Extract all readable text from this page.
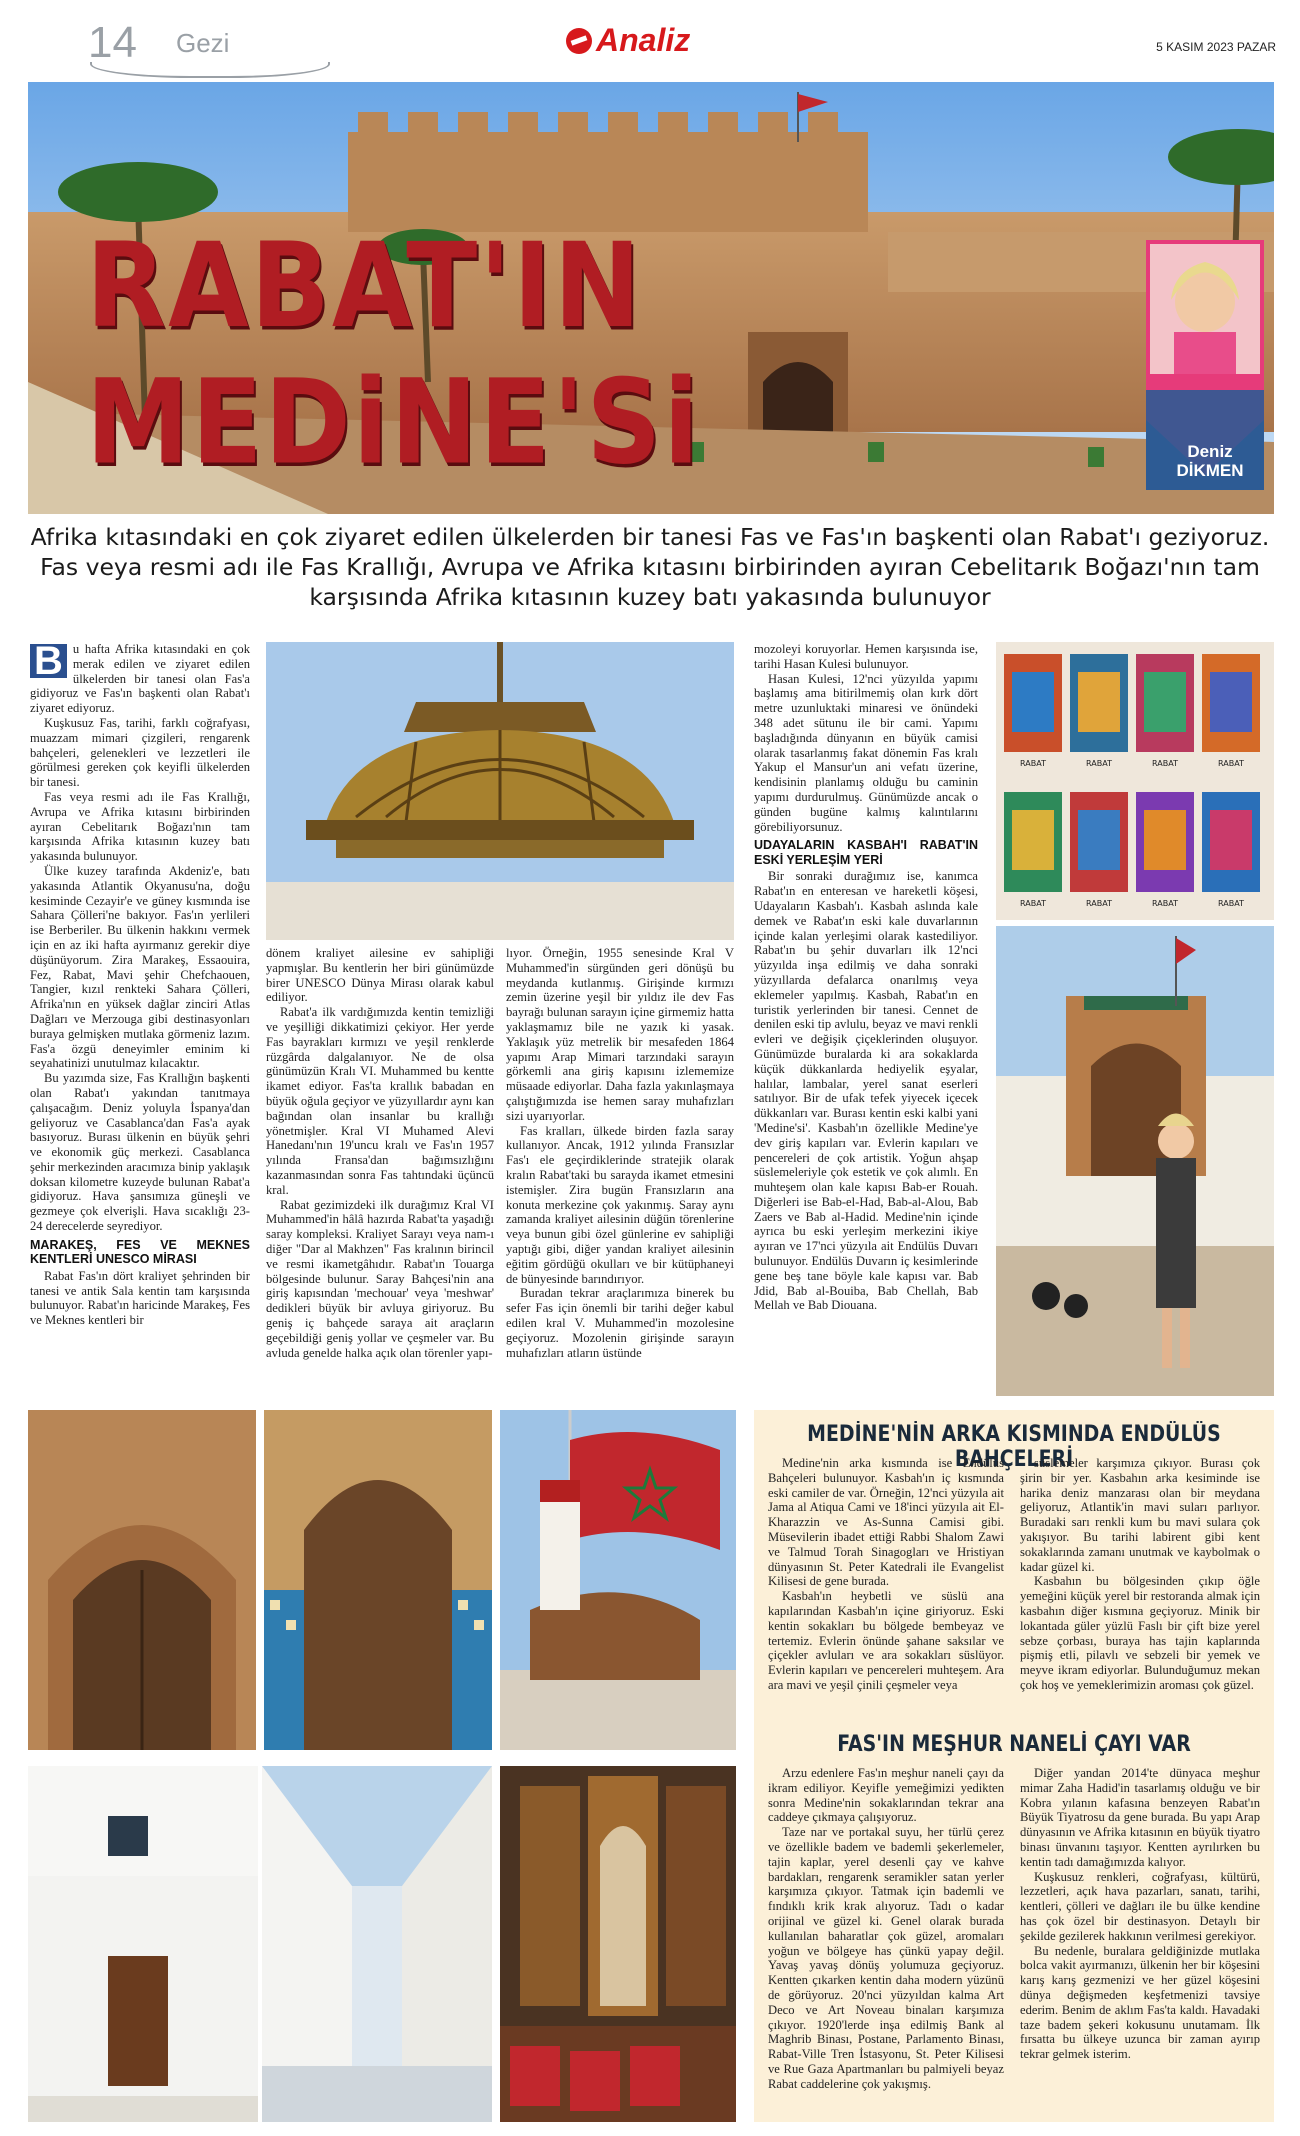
14 Gezi	Analiz	5 KASIM 2023 PAZAR
RABAT'IN MEDiNE'Si	Deniz
DİKMEN
Afrika kıtasındaki en çok ziyaret edilen ülkelerden bir tanesi Fas ve Fas'ın başkenti olan Rabat'ı geziyoruz. Fas veya resmi adı ile Fas Krallığı, Avrupa ve Afrika kıtasını birbirinden ayıran Cebelitarık Boğazı'nın tam karşısında Afrika kıtasının kuzey batı yakasında bulunuyor

B u hafta Afrika kıtasındaki en çok merak edilen ve ziyaret edilen ülkelerden bir tanesi olan Fas'a gidiyoruz ve Fas'ın başkenti olan Rabat'ı ziyaret ediyoruz.

Kuşkusuz Fas, tarihi, farklı coğrafyası, muazzam mimari çizgileri, rengarenk bahçeleri, gelenekleri ve lezzetleri ile görülmesi gereken çok keyifli ülkelerden bir tanesi.

Fas veya resmi adı ile Fas Krallığı, Avrupa ve Afrika kıtasını birbirinden ayıran Cebelitarık Boğazı'nın tam karşısında Afrika kıtasının kuzey batı yakasında bulunuyor.

Ülke kuzey tarafında Akdeniz'e, batı yakasında Atlantik Okyanusu'na, doğu kesiminde Cezayir'e ve güney kısmında ise Sahara Çölleri'ne bakıyor. Fas'ın yerlileri ise Berberiler. Bu ülkenin hakkını vermek için en az iki hafta ayırmanız gerekir diye düşünüyorum. Zira Marakeş, Essaouira, Fez, Rabat, Mavi şehir Chefchaouen, Tangier, kızıl renkteki Sahara Çölleri, Afrika'nın en yüksek dağlar zinciri Atlas Dağları ve Merzouga gibi destinasyonları buraya gelmişken mutlaka görmeniz lazım. Fas'a özgü deneyimler eminim ki seyahatinizi unutulmaz kılacaktır.

Bu yazımda size, Fas Krallığın başkenti olan Rabat'ı yakından tanıtmaya çalışacağım. Deniz yoluyla İspanya'dan geliyoruz ve Casablanca'dan Fas'a ayak basıyoruz. Burası ülkenin en büyük şehri ve ekonomik güç merkezi. Casablanca şehir merkezinden aracımıza binip yaklaşık doksan kilometre kuzeyde bulunan Rabat'a gidiyoruz. Hava şansımıza güneşli ve gezmeye çok elverişli. Hava sıcaklığı 23-24 derecelerde seyrediyor.

MARAKEŞ, FES VE MEKNES KENTLERİ UNESCO MİRASI

Rabat Fas'ın dört kraliyet şehrinden bir tanesi ve antik Sala kentin tam karşısında bulunuyor. Rabat'ın haricinde Marakeş, Fes ve Meknes kentleri bir

dönem kraliyet ailesine ev sahipliği yapmışlar. Bu kentlerin her biri günümüzde birer UNESCO Dünya Mirası olarak kabul ediliyor.

Rabat'a ilk vardığımızda kentin temizliği ve yeşilliği dikkatimizi çekiyor. Her yerde Fas bayrakları kırmızı ve yeşil renklerde rüzgârda dalgalanıyor. Ne de olsa günümüzün Kralı VI. Muhammed bu kentte ikamet ediyor. Fas'ta krallık babadan en büyük oğula geçiyor ve yüzyıllardır aynı kan bağından olan insanlar bu krallığı yönetmişler. Kral VI Muhamed Alevi Hanedanı'nın 19'uncu kralı ve Fas'ın 1957 yılında Fransa'dan bağımsızlığını kazanmasından sonra Fas tahtındaki üçüncü kral.

Rabat gezimizdeki ilk durağımız Kral VI Muhammed'in hâlâ hazırda Rabat'ta yaşadığı saray kompleksi. Kraliyet Sarayı veya nam-ı diğer "Dar al Makhzen" Fas kralının birincil ve resmi ikametgâhıdır. Rabat'ın Touarga bölgesinde bulunur. Saray Bahçesi'nin ana giriş kapısından 'mechouar' veya 'meshwar' dedikleri büyük bir avluya giriyoruz. Bu geniş iç bahçede saraya ait araçların geçebildiği geniş yollar ve çeşmeler var. Bu avluda genelde halka açık olan törenler yapı-

lıyor. Örneğin, 1955 senesinde Kral V Muhammed'in sürgünden geri dönüşü bu meydanda kutlanmış. Girişinde kırmızı zemin üzerine yeşil bir yıldız ile dev Fas bayrağı bulunan sarayın içine girmemiz hatta yaklaşmamız bile ne yazık ki yasak. Yaklaşık yüz metrelik bir mesafeden 1864 yapımı Arap Mimari tarzındaki sarayın görkemli ana giriş kapısını izlememize müsaade ediyorlar. Daha fazla yakınlaşmaya çalıştığımızda ise hemen saray muhafızları sizi uyarıyorlar.

Fas kralları, ülkede birden fazla saray kullanıyor. Ancak, 1912 yılında Fransızlar Fas'ı ele geçirdiklerinde stratejik olarak kralın Rabat'taki bu sarayda ikamet etmesini istemişler. Zira bugün Fransızların ana konuta merkezine çok yakınmış. Saray aynı zamanda kraliyet ailesinin düğün törenlerine veya bunun gibi özel günlerine ev sahipliği yaptığı gibi, diğer yandan kraliyet ailesinin eğitim gördüğü okulları ve bir kütüphaneyi de bünyesinde barındırıyor.

Buradan tekrar araçlarımıza binerek bu sefer Fas için önemli bir tarihi değer kabul edilen kral V. Muhammed'in mozolesine geçiyoruz. Mozolenin girişinde sarayın muhafızları atların üstünde

mozoleyi koruyorlar. Hemen karşısında ise, tarihi Hasan Kulesi bulunuyor.

Hasan Kulesi, 12'nci yüzyılda yapımı başlamış ama bitirilmemiş olan kırk dört metre uzunluktaki minaresi ve önündeki 348 adet sütunu ile bir cami. Yapımı başladığında dünyanın en büyük camisi olarak tasarlanmış fakat dönemin Fas kralı Yakup el Mansur'un ani vefatı üzerine, kendisinin planlamış olduğu bu caminin yapımı durdurulmuş. Günümüzde ancak o günden bugüne kalmış kalıntılarını görebiliyorsunuz.

UDAYALARIN KASBAH'I RABAT'IN ESKİ YERLEŞİM YERİ

Bir sonraki durağımız ise, kanımca Rabat'ın en enteresan ve hareketli köşesi, Udayaların Kasbah'ı. Kasbah aslında kale demek ve Rabat'ın eski kale duvarlarının içinde kalan yerleşimi olarak kastediliyor. Rabat'ın bu şehir duvarları ilk 12'nci yüzyılda inşa edilmiş ve daha sonraki yüzyıllarda defalarca onarılmış veya eklemeler yapılmış. Kasbah, Rabat'ın en turistik yerlerinden bir tanesi. Cennet de denilen eski tip avlulu, beyaz ve mavi renkli evleri ve değişik çiçeklerinden oluşuyor. Günümüzde buralarda ki ara sokaklarda küçük dükkanlarda hediyelik eşyalar, halılar, lambalar, yerel sanat eserleri satılıyor. Bir de ufak tefek yiyecek içecek dükkanları var. Burası kentin eski kalbi yani 'Medine'si'. Kasbah'ın özellikle Medine'ye dev giriş kapıları var. Evlerin kapıları ve pencereleri de çok artistik. Yoğun ahşap süslemeleriyle çok estetik ve çok alımlı. En muhteşem olan kale kapısı Bab-er Rouah. Diğerleri ise Bab-el-Had, Bab-al-Alou, Bab Zaers ve Bab al-Hadid. Medine'nin içinde ayrıca bu eski yerleşim merkezini ikiye ayıran ve 17'nci yüzyıla ait Endülüs Duvarı bulunuyor. Endülüs Duvarın iç kesimlerinde gene beş tane böyle kale kapısı var. Bab Jdid, Bab al-Bouiba, Bab Chellah, Bab Mellah ve Bab Diouana.

RABAT	RABAT	RABAT	RABAT
RABAT	RABAT	RABAT	RABAT
MEDİNE'NİN ARKA KISMINDA ENDÜLÜS BAHÇELERİ

Medine'nin arka kısmında ise Endülüs Bahçeleri bulunuyor. Kasbah'ın iç kısmında eski camiler de var. Örneğin, 12'nci yüzyıla ait Jama al Atiqua Cami ve 18'inci yüzyıla ait El-Kharazzin ve As-Sunna Camisi gibi. Müsevilerin ibadet ettiği Rabbi Shalom Zawi ve Talmud Torah Sinagogları ve Hristiyan dünyasının St. Peter Katedrali ile Evangelist Kilisesi de gene burada.

Kasbah'ın heybetli ve süslü ana kapılarından Kasbah'ın içine giriyoruz. Eski kentin sokakları bu bölgede bembeyaz ve tertemiz. Evlerin önünde şahane saksılar ve çiçekler avluları ve ara sokakları süslüyor. Evlerin kapıları ve pencereleri muhteşem. Ara ara mavi ve yeşil çinili çeşmeler veya

süslemeler karşımıza çıkıyor. Burası çok şirin bir yer. Kasbahın arka kesiminde ise harika deniz manzarası olan bir meydana geliyoruz, Atlantik'in mavi suları parlıyor. Buradaki sarı renkli kum bu mavi sulara çok yakışıyor. Bu tarihi labirent gibi kent sokaklarında zamanı unutmak ve kaybolmak o kadar güzel ki.

Kasbahın bu bölgesinden çıkıp öğle yemeğini küçük yerel bir restoranda almak için kasbahın diğer kısmına geçiyoruz. Minik bir lokantada güler yüzlü Faslı bir çift bize yerel sebze çorbası, buraya has tajin kaplarında pişmiş etli, pilavlı ve sebzeli bir yemek ve meyve ikram ediyorlar. Bulunduğumuz mekan çok hoş ve yemeklerimizin aroması çok güzel.

FAS'IN MEŞHUR NANELİ ÇAYI VAR

Arzu edenlere Fas'ın meşhur naneli çayı da ikram ediliyor. Keyifle yemeğimizi yedikten sonra Medine'nin sokaklarından tekrar ana caddeye çıkmaya çalışıyoruz.

Taze nar ve portakal suyu, her türlü çerez ve özellikle badem ve bademli şekerlemeler, tajin kaplar, yerel desenli çay ve kahve bardakları, rengarenk seramikler satan yerler karşımıza çıkıyor. Tatmak için bademli ve fındıklı krik krak alıyoruz. Tadı o kadar orijinal ve güzel ki. Genel olarak burada kullanılan baharatlar çok güzel, aromaları yoğun ve bölgeye has çünkü yapay değil. Yavaş yavaş dönüş yolumuza geçiyoruz. Kentten çıkarken kentin daha modern yüzünü de görüyoruz. 20'nci yüzyıldan kalma Art Deco ve Art Noveau binaları karşımıza çıkıyor. 1920'lerde inşa edilmiş Bank al Maghrib Binası, Postane, Parlamento Binası, Rabat-Ville Tren İstasyonu, St. Peter Kilisesi ve Rue Gaza Apartmanları bu palmiyeli beyaz Rabat caddelerine çok yakışmış.

Diğer yandan 2014'te dünyaca meşhur mimar Zaha Hadid'in tasarlamış olduğu ve bir Kobra yılanın kafasına benzeyen Rabat'ın Büyük Tiyatrosu da gene burada. Bu yapı Arap dünyasının ve Afrika kıtasının en büyük tiyatro binası ünvanını taşıyor. Kentten ayrılırken bu kentin tadı damağımızda kalıyor.

Kuşkusuz renkleri, coğrafyası, kültürü, lezzetleri, açık hava pazarları, sanatı, tarihi, kentleri, çölleri ve dağları ile bu ülke kendine has çok özel bir destinasyon. Detaylı bir şekilde gezilerek hakkının verilmesi gerekiyor.

Bu nedenle, buralara geldiğinizde mutlaka bolca vakit ayırmanızı, ülkenin her bir köşesini karış karış gezmenizi ve her güzel köşesini dünya değişmeden keşfetmenizi tavsiye ederim. Benim de aklım Fas'ta kaldı. Havadaki taze badem şekeri kokusunu unutamam. İlk fırsatta bu ülkeye uzunca bir zaman ayırıp tekrar gelmek isterim.
